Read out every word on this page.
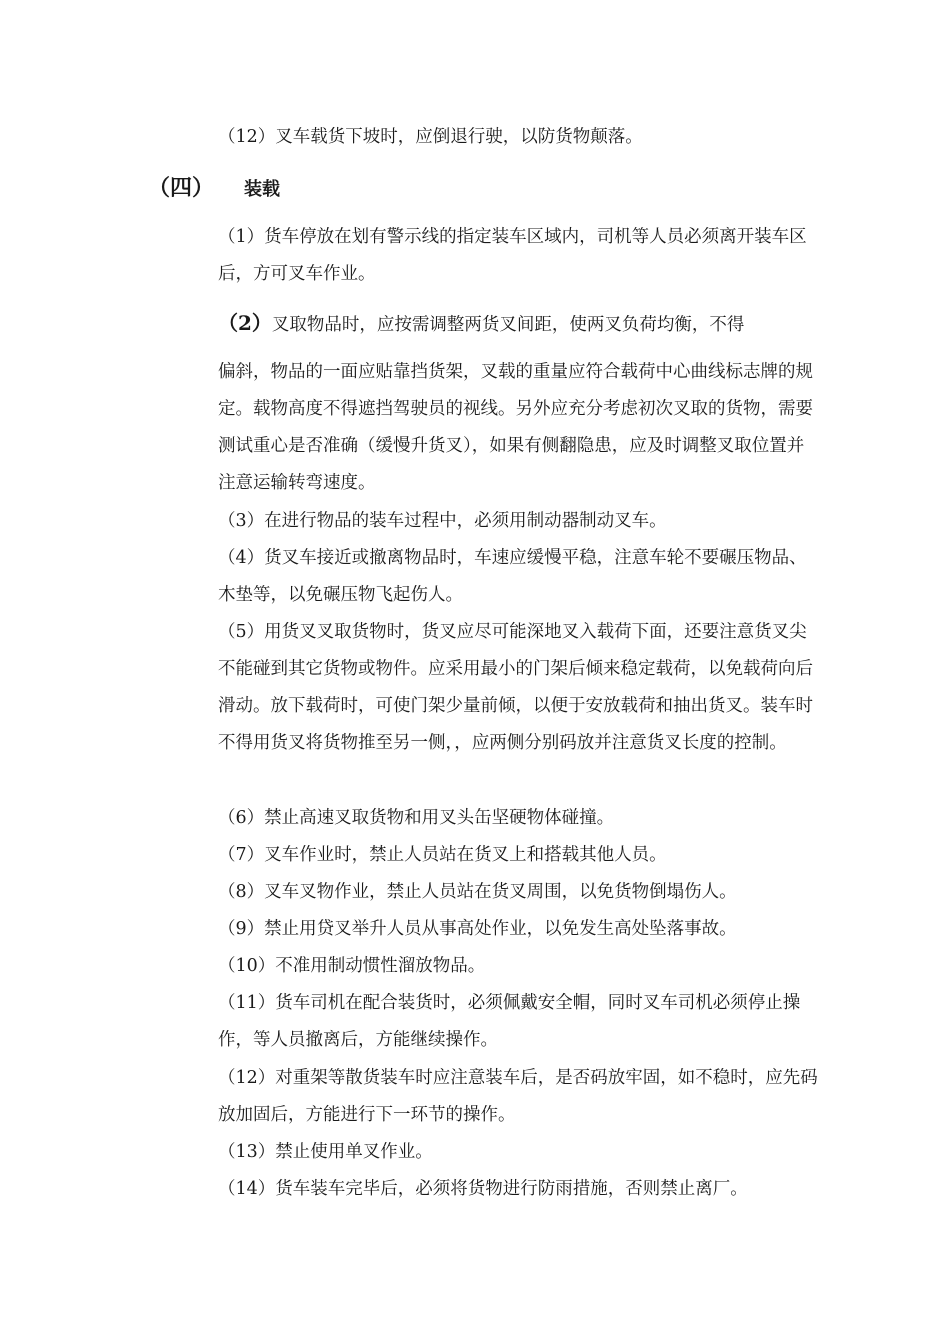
（12）叉车载货下坡时，应倒退行驶，以防货物颠落。
（四） 装载
（1）货车停放在划有警示线的指定装车区域内，司机等人员必须离开装车区后，方可叉车作业。
（2）叉取物品时，应按需调整两货叉间距，使两叉负荷均衡，不得
偏斜，物品的一面应贴靠挡货架，叉载的重量应符合载荷中心曲线标志牌的规定。载物高度不得遮挡驾驶员的视线。另外应充分考虑初次叉取的货物，需要测试重心是否准确（缓慢升货叉），如果有侧翻隐患，应及时调整叉取位置并注意运输转弯速度。
（3）在进行物品的装车过程中，必须用制动器制动叉车。
（4）货叉车接近或撤离物品时，车速应缓慢平稳，注意车轮不要碾压物品、木垫等，以免碾压物飞起伤人。
（5）用货叉叉取货物时，货叉应尽可能深地叉入载荷下面，还要注意货叉尖不能碰到其它货物或物件。应采用最小的门架后倾来稳定载荷，以免载荷向后滑动。放下载荷时，可使门架少量前倾，以便于安放载荷和抽出货叉。装车时不得用货叉将货物推至另一侧，，应两侧分别码放并注意货叉长度的控制。
（6）禁止高速叉取货物和用叉头缶坚硬物体碰撞。
（7）叉车作业时，禁止人员站在货叉上和搭载其他人员。
（8）叉车叉物作业，禁止人员站在货叉周围，以免货物倒塌伤人。
（9）禁止用贷叉举升人员从事高处作业，以免发生高处坠落事故。
（10）不准用制动惯性溜放物品。
（11）货车司机在配合装货时，必须佩戴安全帽，同时叉车司机必须停止操作，等人员撤离后，方能继续操作。
（12）对重架等散货装车时应注意装车后，是否码放牢固，如不稳时，应先码放加固后，方能进行下一环节的操作。
（13）禁止使用单叉作业。
（14）货车装车完毕后，必须将货物进行防雨措施，否则禁止离厂。
